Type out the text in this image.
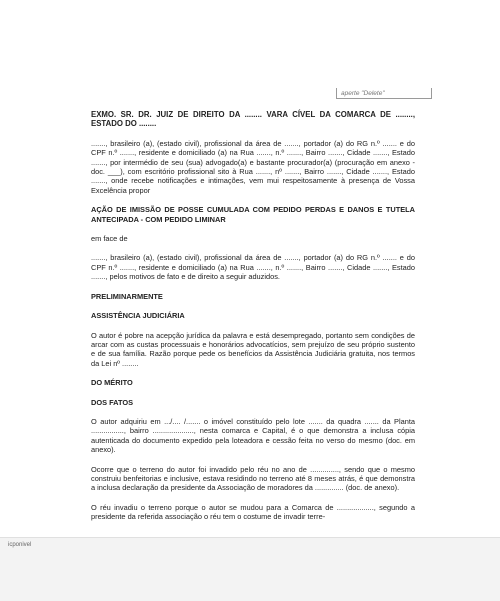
aperte "Delete"

EXMO. SR. DR. JUIZ DE DIREITO DA ........ VARA CÍVEL DA COMARCA DE ........, ESTADO DO ........

......., brasileiro (a), (estado civil), profissional da área de ......., portador (a) do RG n.º ....... e do CPF n.º ......., residente e domiciliado (a) na Rua ......., n.º ......., Bairro ......., Cidade ......., Estado ......., por intermédio de seu (sua) advogado(a) e bastante procurador(a) (procuração em anexo - doc. ___), com escritório profissional sito à Rua ......., nº ......., Bairro ......., Cidade ......., Estado ......., onde recebe notificações e intimações, vem mui respeitosamente à presença de Vossa Excelência propor

AÇÃO DE IMISSÃO DE POSSE CUMULADA COM PEDIDO PERDAS E DANOS E TUTELA ANTECIPADA - COM PEDIDO LIMINAR

em face de

......., brasileiro (a), (estado civil), profissional da área de ......., portador (a) do RG n.º ....... e do CPF n.º ......., residente e domiciliado (a) na Rua ......., n.º ......., Bairro ......., Cidade ......., Estado ......., pelos motivos de fato e de direito a seguir aduzidos.

PRELIMINARMENTE

ASSISTÊNCIA JUDICIÁRIA

O autor é pobre na acepção jurídica da palavra e está desempregado, portanto sem condições de arcar com as custas processuais e honorários advocatícios, sem prejuízo de seu próprio sustento e de sua família. Razão porque pede os benefícios da Assistência Judiciária gratuita, nos termos da Lei nº ........

DO MÉRITO

DOS FATOS

O autor adquiriu em .../.... /....... o imóvel constituído pelo lote ....... da quadra ....... da Planta ................, bairro ...................., nesta comarca e Capital, é o que demonstra a inclusa cópia autenticada do documento expedido pela loteadora e cessão feita no verso do mesmo (doc. em anexo).

Ocorre que o terreno do autor foi invadido pelo réu no ano de .............., sendo que o mesmo construiu benfeitorias e inclusive, estava residindo no terreno até 8 meses atrás, é que demonstra a inclusa declaração da presidente da Associação de moradores da .............. (doc. de anexo).

O réu invadiu o terreno porque o autor se mudou para a Comarca de .................., segundo a presidente da referida associação o réu tem o costume de invadir terre-

icponivel
